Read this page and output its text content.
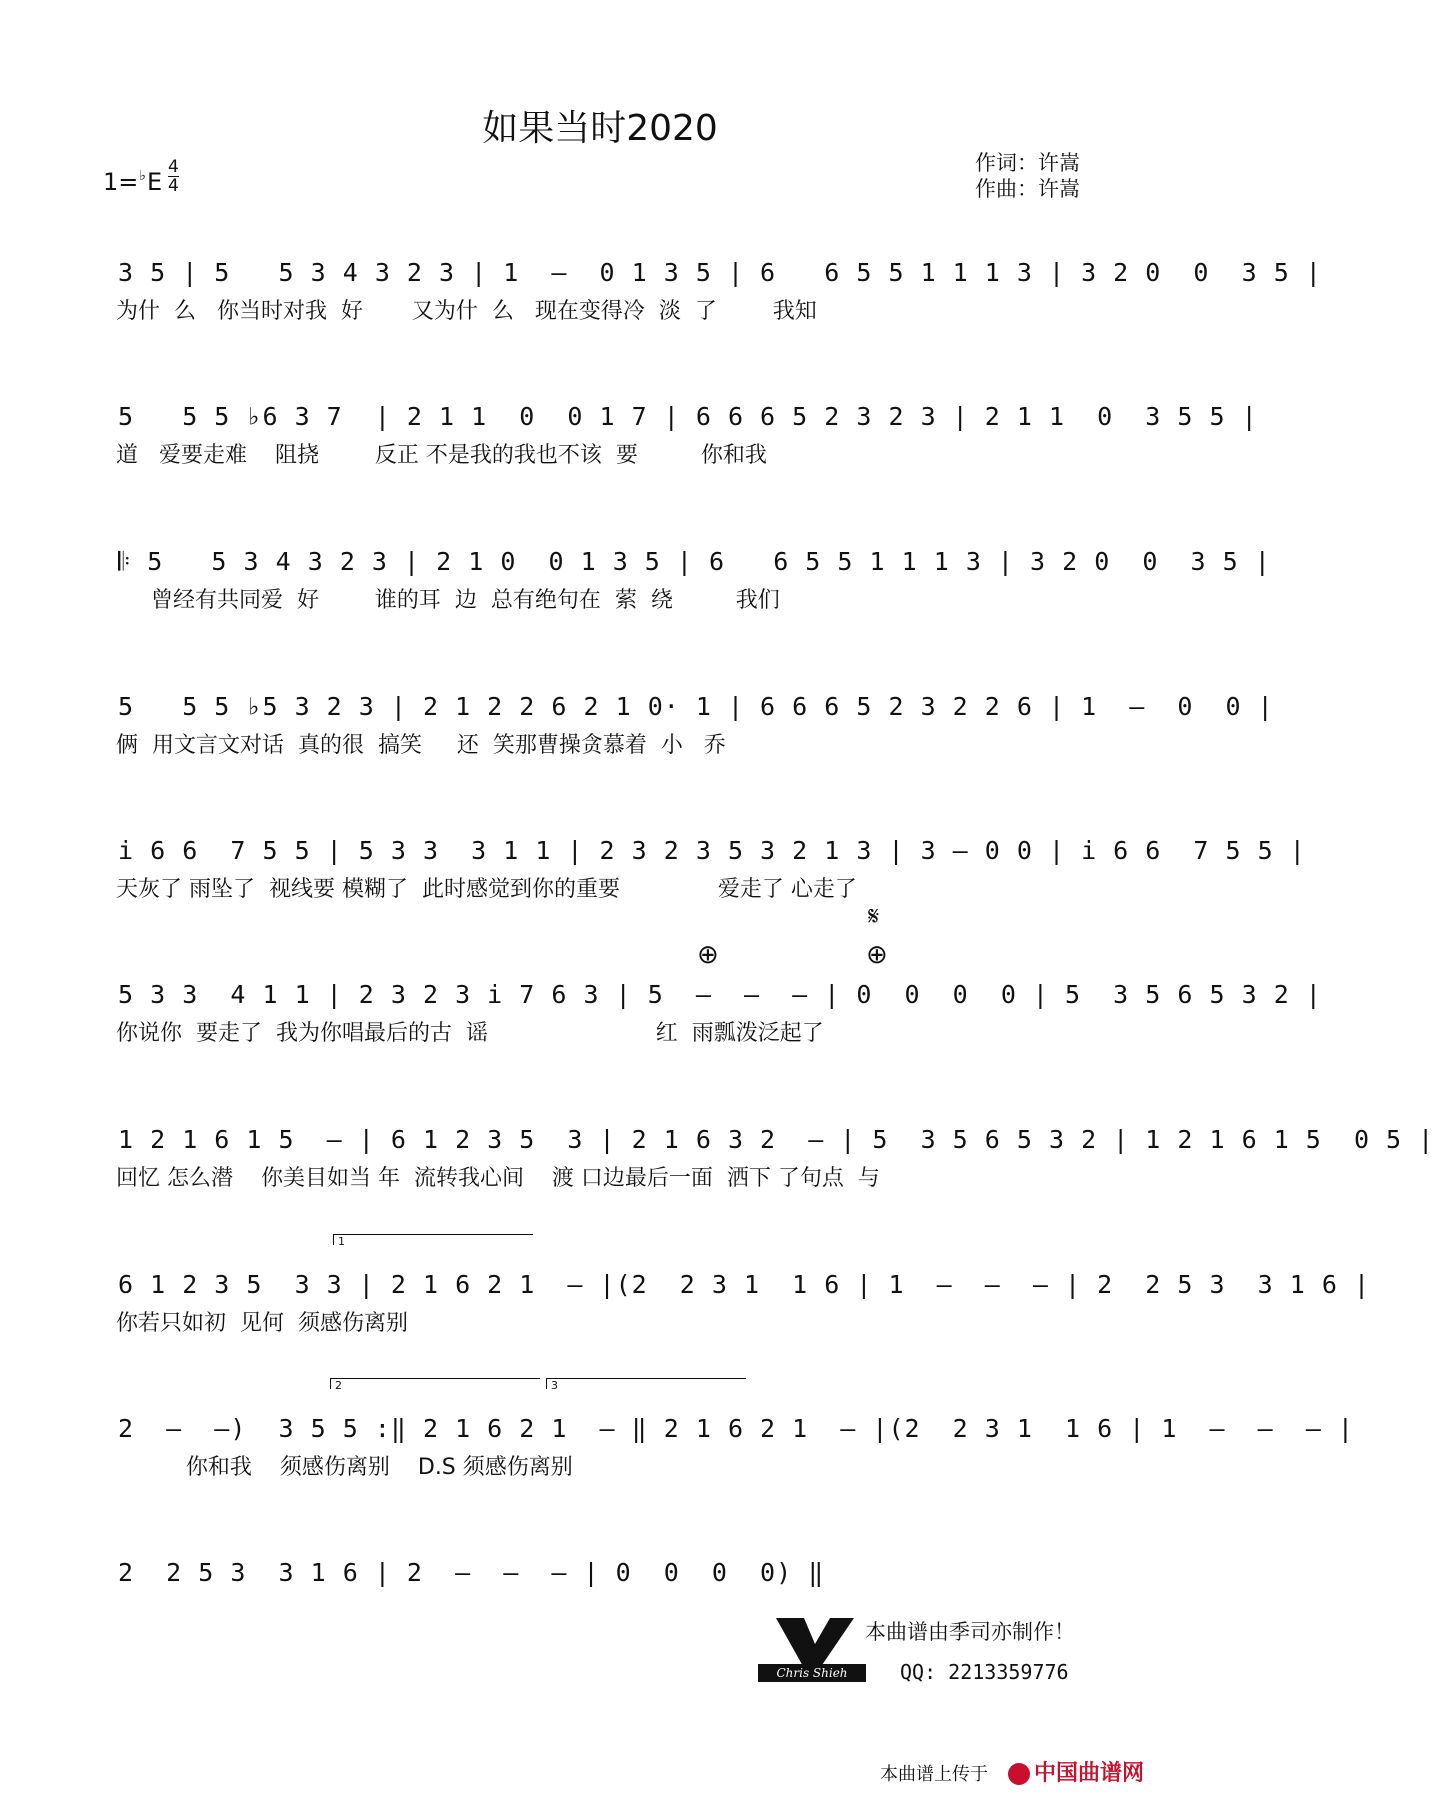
如果当时2020
作词：许嵩
作曲：许嵩
1=♭E
4
4
3 5 | 5   5 3 4 3 2 3 | 1  –  0 1 3 5 | 6   6 5 5 1 1 1 3 | 3 2 0  0  3 5 |
为什  么   你当时对我  好       又为什  么   现在变得冷  淡  了        我知
5   5 5 ♭6 3 7  | 2 1 1  0  0 1 7 | 6 6 6 5 2 3 2 3 | 2 1 1  0  3 5 5 |
道   爱要走难    阻挠        反正 不是我的我也不该  要         你和我
𝄆 5   5 3 4 3 2 3 | 2 1 0  0 1 3 5 | 6   6 5 5 1 1 1 3 | 3 2 0  0  3 5 |
曾经有共同爱  好        谁的耳  边  总有绝句在  萦  绕         我们
5   5 5 ♭5 3 2 3 | 2 1 2 2 6 2 1 0· 1 | 6 6 6 5 2 3 2 2 6 | 1  –  0  0 |
俩  用文言文对话  真的很  搞笑     还  笑那曹操贪慕着  小   乔
i 6 6  7 5 5 | 5 3 3  3 1 1 | 2 3 2 3 5 3 2 1 3 | 3 – 0 0 | i 6 6  7 5 5 |
天灰了 雨坠了  视线要 模糊了  此时感觉到你的重要              爱走了 心走了
𝄋
⊕	⊕
5 3 3  4 1 1 | 2 3 2 3 i 7 6 3 | 5  –  –  – | 0  0  0  0 | 5  3 5 6 5 3 2 |
你说你  要走了  我为你唱最后的古  谣                        红  雨瓢泼泛起了
1 2 1 6 1 5  – | 6 1 2 3 5  3 | 2 1 6 3 2  – | 5  3 5 6 5 3 2 | 1 2 1 6 1 5  0 5 |
回忆 怎么潜    你美目如当 年  流转我心间    渡 口边最后一面  洒下 了句点  与
1
6 1 2 3 5  3 3 | 2 1 6 2 1  – |(2  2 3 1  1 6 | 1  –  –  – | 2  2 5 3  3 1 6 |
你若只如初  见何  须感伤离别
2	3
2  –  –)  3 5 5 :‖ 2 1 6 2 1  – ‖ 2 1 6 2 1  – |(2  2 3 1  1 6 | 1  –  –  – |
你和我    须感伤离别    D.S 须感伤离别
2  2 5 3  3 1 6 | 2  –  –  – | 0  0  0  0) ‖
Chris Shieh
本曲谱由季司亦制作！
QQ: 2213359776
本曲谱上传于	中国曲谱网
